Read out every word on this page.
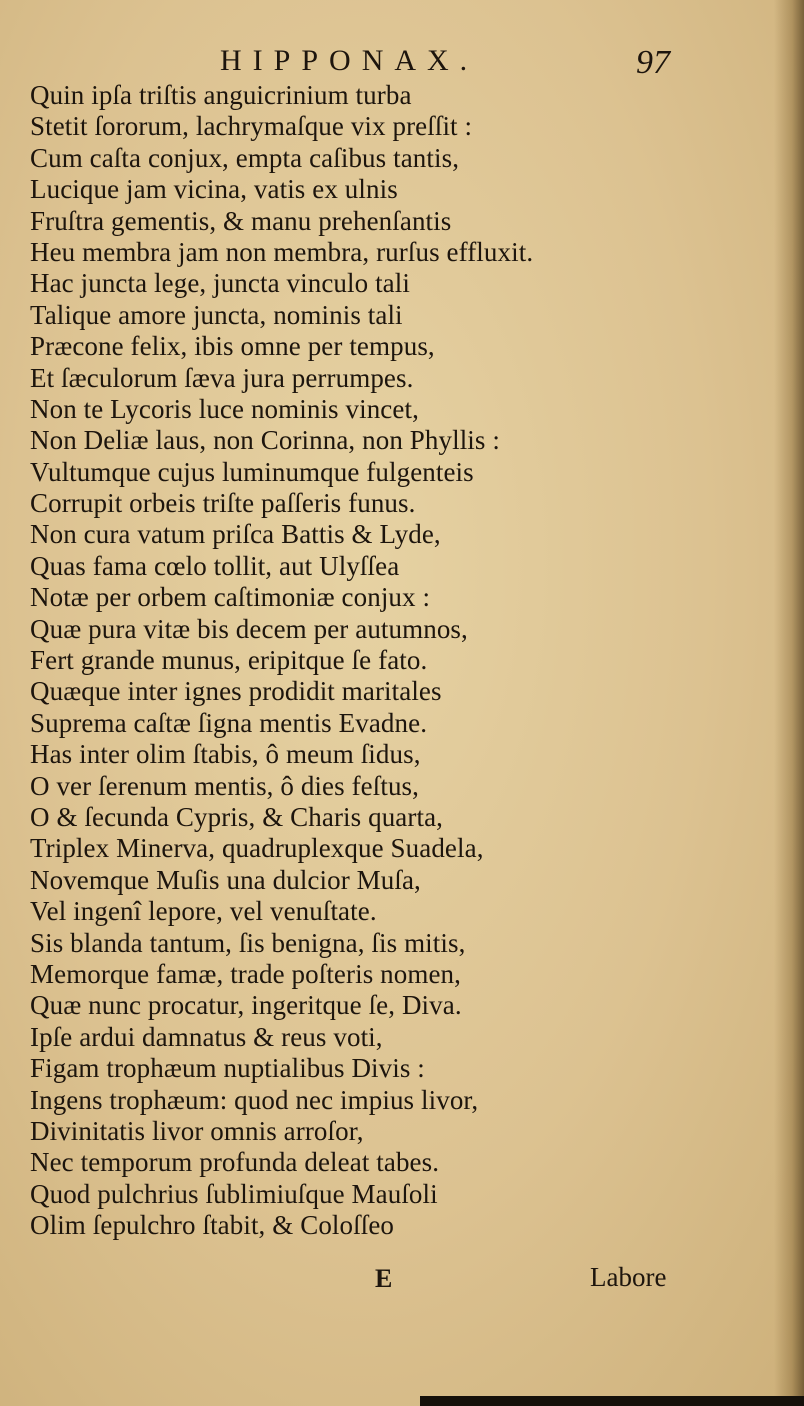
HIPPONAX.	97
Quin ipſa triſtis anguicrinium turba
Stetit ſororum, lachrymaſque vix preſſit :
Cum caſta conjux, empta caſibus tantis,
Lucique jam vicina, vatis ex ulnis
Fruſtra gementis, & manu prehenſantis
Heu membra jam non membra, rurſus effluxit.
Hac juncta lege, juncta vinculo tali
Talique amore juncta, nominis tali
Præcone felix, ibis omne per tempus,
Et ſæculorum ſæva jura perrumpes.
Non te Lycoris luce nominis vincet,
Non Deliæ laus, non Corinna, non Phyllis :
Vultumque cujus luminumque fulgenteis
Corrupit orbeis triſte paſſeris funus.
Non cura vatum priſca Battis & Lyde,
Quas fama cœlo tollit, aut Ulyſſea
Notæ per orbem caſtimoniæ conjux :
Quæ pura vitæ bis decem per autumnos,
Fert grande munus, eripitque ſe fato.
Quæque inter ignes prodidit maritales
Suprema caſtæ ſigna mentis Evadne.
Has inter olim ſtabis, ô meum ſidus,
O ver ſerenum mentis, ô dies feſtus,
O & ſecunda Cypris, & Charis quarta,
Triplex Minerva, quadruplexque Suadela,
Novemque Muſis una dulcior Muſa,
Vel ingenî lepore, vel venuſtate.
Sis blanda tantum, ſis benigna, ſis mitis,
Memorque famæ, trade poſteris nomen,
Quæ nunc procatur, ingeritque ſe, Diva.
Ipſe ardui damnatus & reus voti,
Figam trophæum nuptialibus Divis :
Ingens trophæum: quod nec impius livor,
Divinitatis livor omnis arroſor,
Nec temporum profunda deleat tabes.
Quod pulchrius ſublimiuſque Mauſoli
Olim ſepulchro ſtabit, & Coloſſeo
E	Labore
